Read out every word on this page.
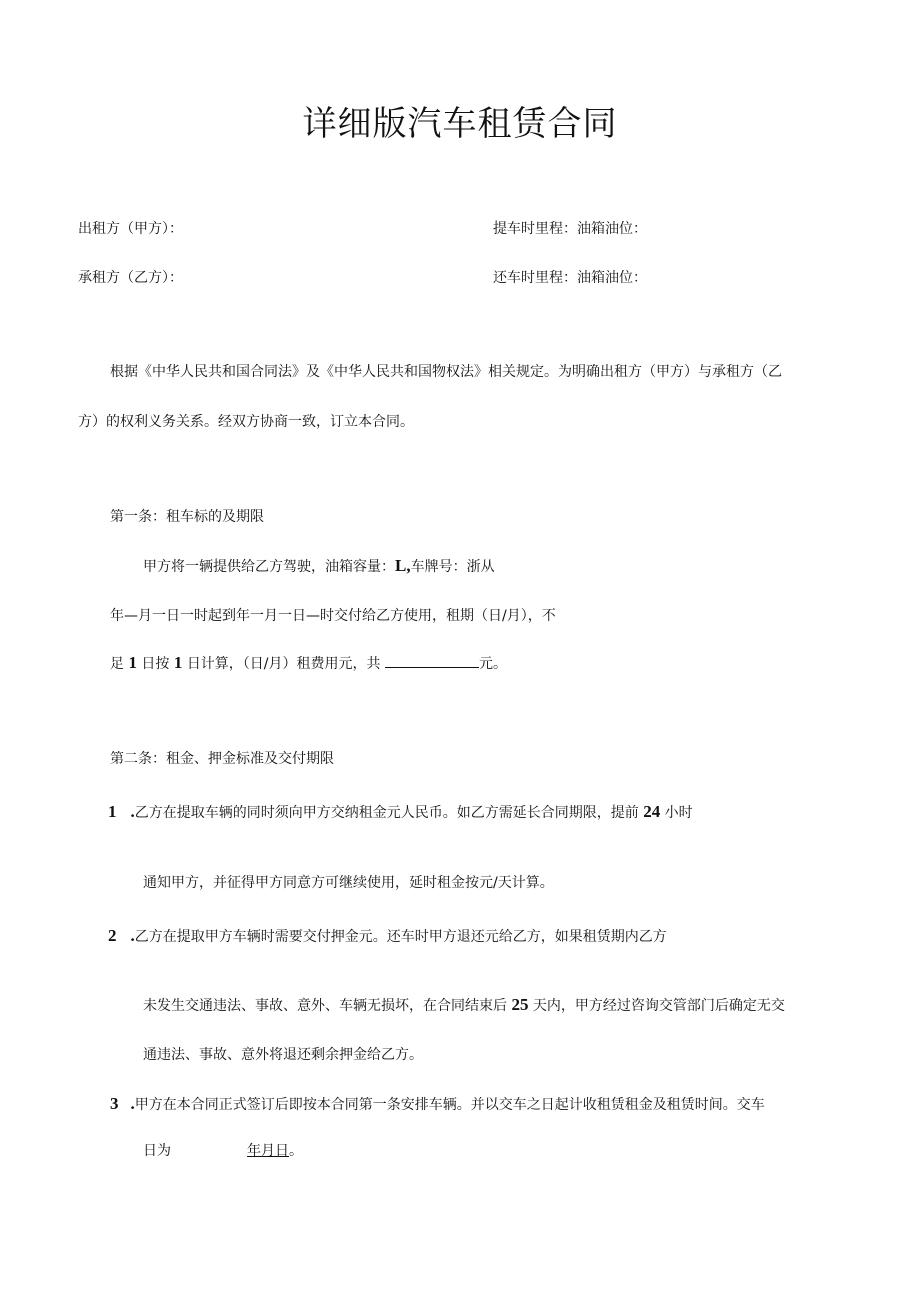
详细版汽车租赁合同
出租方（甲方）：	提车时里程：油箱油位：
承租方（乙方）：	还车时里程：油箱油位：
根据《中华人民共和国合同法》及《中华人民共和国物权法》相关规定。为明确出租方（甲方）与承租方（乙
方）的权利义务关系。经双方协商一致，订立本合同。
第一条：租车标的及期限
甲方将一辆提供给乙方驾驶，油箱容量：L,车牌号：浙从
年—月一日一时起到年一月一日—时交付给乙方使用，租期（日/月），不
足 1 日按 1 日计算，（日/月）租费用元，共	元。
第二条：租金、押金标准及交付期限
1 .乙方在提取车辆的同时须向甲方交纳租金元人民币。如乙方需延长合同期限，提前 24 小时
通知甲方，并征得甲方同意方可继续使用，延时租金按元/天计算。
2 .乙方在提取甲方车辆时需要交付押金元。还车时甲方退还元给乙方，如果租赁期内乙方
未发生交通违法、事故、意外、车辆无损坏，在合同结束后 25 天内，甲方经过咨询交管部门后确定无交
通违法、事故、意外将退还剩余押金给乙方。
3 .甲方在本合同正式签订后即按本合同第一条安排车辆。并以交车之日起计收租赁租金及租赁时间。交车
日为	年月日。
